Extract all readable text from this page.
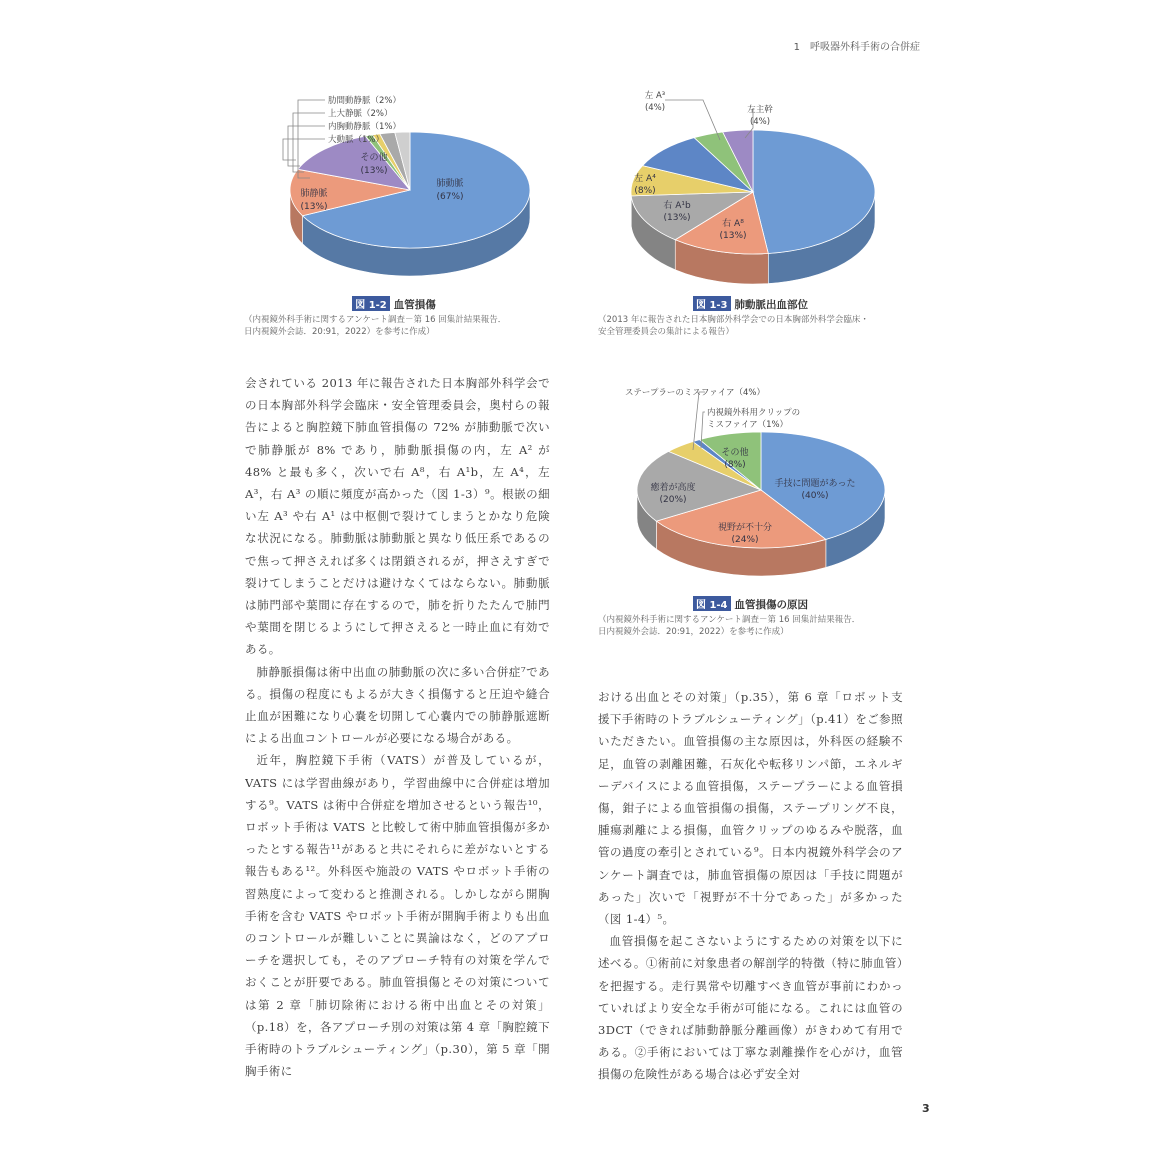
1　呼吸器外科手術の合併症
肋間動静脈（2%）
上大静脈（2%）
内胸動静脈（1%）
大動脈（1%）
肺動脈
(67%)
肺静脈
(13%)
その他
(13%)
図 1-2 血管損傷
（内視鏡外科手術に関するアンケート調査－第 16 回集計結果報告．
日内視鏡外会誌．20:91，2022）を参考に作成）
左 A³
(4%)	左主幹
(4%)
左 A⁴
(8%)
右 A¹b
(13%)
右 A⁸
(13%)
図 1-3 肺動脈出血部位
（2013 年に報告された日本胸部外科学会での日本胸部外科学会臨床・
安全管理委員会の集計による報告）
ステープラーのミスファイア（4%）
内視鏡外科用クリップの
ミスファイア（1%）
手技に問題があった
(40%)
視野が不十分
(24%)
癒着が高度
(20%)
その他
(8%)
図 1-4 血管損傷の原因
（内視鏡外科手術に関するアンケート調査－第 16 回集計結果報告．
日内視鏡外会誌．20:91，2022）を参考に作成）

会されている 2013 年に報告された日本胸部外科学会での日本胸部外科学会臨床・安全管理委員会，奥村らの報告によると胸腔鏡下肺血管損傷の 72% が肺動脈で次いで肺静脈が 8% であり，肺動脈損傷の内，左 A² が 48% と最も多く，次いで右 A⁸，右 A¹b，左 A⁴，左 A³，右 A³ の順に頻度が高かった（図 1-3）⁹。根嵌の細い左 A³ や右 A¹ は中枢側で裂けてしまうとかなり危険な状況になる。肺動脈は肺動脈と異なり低圧系であるので焦って押さえれば多くは閉鎖されるが，押さえすぎで裂けてしまうことだけは避けなくてはならない。肺動脈は肺門部や葉間に存在するので，肺を折りたたんで肺門や葉間を閉じるようにして押さえると一時止血に有効である。

肺静脈損傷は術中出血の肺動脈の次に多い合併症⁷である。損傷の程度にもよるが大きく損傷すると圧迫や縫合止血が困難になり心嚢を切開して心嚢内での肺静脈遮断による出血コントロールが必要になる場合がある。

近年，胸腔鏡下手術（VATS）が普及しているが，VATS には学習曲線があり，学習曲線中に合併症は増加する⁹。VATS は術中合併症を増加させるという報告¹⁰，ロボット手術は VATS と比較して術中肺血管損傷が多かったとする報告¹¹があると共にそれらに差がないとする報告もある¹²。外科医や施設の VATS やロボット手術の習熟度によって変わると推測される。しかしながら開胸手術を含む VATS やロボット手術が開胸手術よりも出血のコントロールが難しいことに異論はなく，どのアプローチを選択しても，そのアプローチ特有の対策を学んでおくことが肝要である。肺血管損傷とその対策については第 2 章「肺切除術における術中出血とその対策」（p.18）を，各アプローチ別の対策は第 4 章「胸腔鏡下手術時のトラブルシューティング」（p.30），第 5 章「開胸手術に

おける出血とその対策」（p.35），第 6 章「ロボット支援下手術時のトラブルシューティング」（p.41）をご参照いただきたい。血管損傷の主な原因は，外科医の経験不足，血管の剥離困難，石灰化や転移リンパ節，エネルギーデバイスによる血管損傷，ステープラーによる血管損傷，鉗子による血管損傷の損傷，ステープリング不良，腫瘍剥離による損傷，血管クリップのゆるみや脱落，血管の過度の牽引とされている⁹。日本内視鏡外科学会のアンケート調査では，肺血管損傷の原因は「手技に問題があった」次いで「視野が不十分であった」が多かった（図 1-4）⁵。

血管損傷を起こさないようにするための対策を以下に述べる。①術前に対象患者の解剖学的特徴（特に肺血管）を把握する。走行異常や切離すべき血管が事前にわかっていればより安全な手術が可能になる。これには血管の 3DCT（できれば肺動静脈分離画像）がきわめて有用である。②手術においては丁寧な剥離操作を心がけ，血管損傷の危険性がある場合は必ず安全対

3
